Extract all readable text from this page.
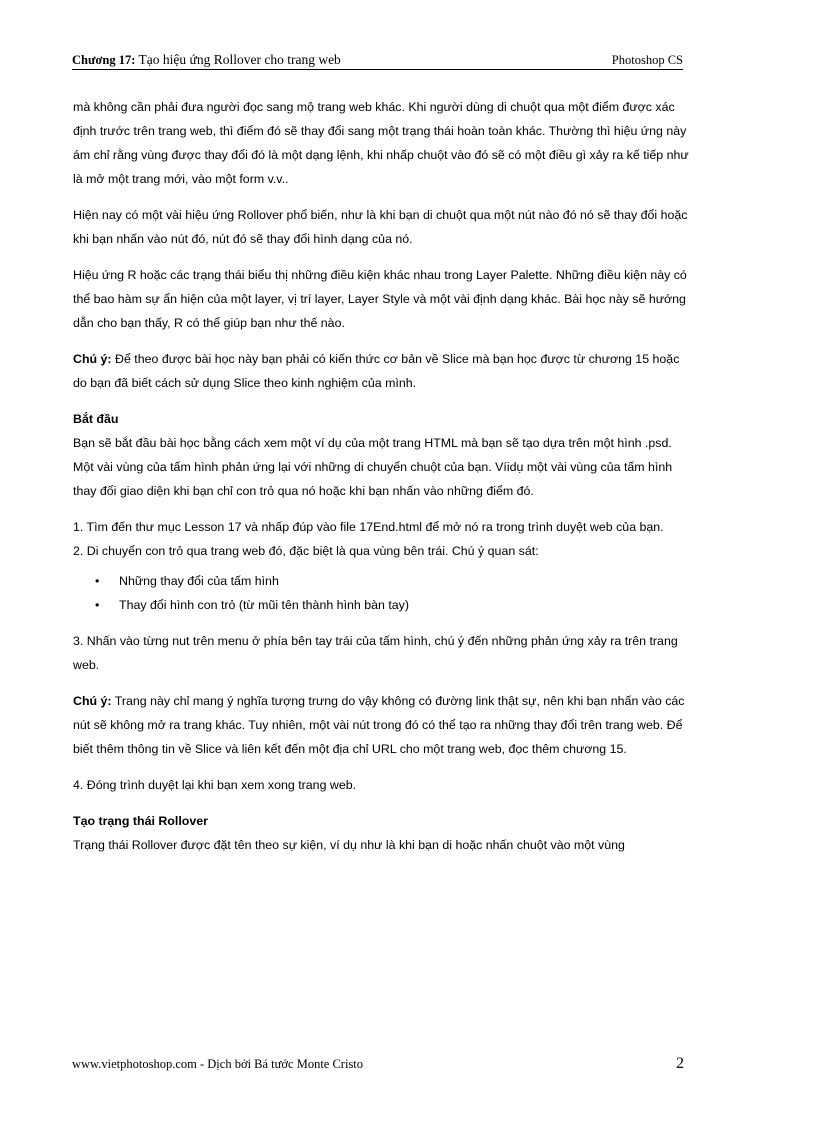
Chương 17: Tạo hiệu ứng Rollover cho trang web	Photoshop CS

mà không cần phải đưa người đọc sang mộ trang web khác. Khi người dùng di chuột qua một điểm được xác định trước trên trang web, thì điểm đó sẽ thay đổi sang một trạng thái hoàn toàn khác. Thường thì hiệu ứng này ám chỉ rằng vùng được thay đổi đó là một dạng lệnh, khi nhấp chuột vào đó sẽ có một điều gì xảy ra kế tiếp như là mở một trang mới, vào một form v.v..

Hiện nay có một vài hiệu ứng Rollover phổ biến, như là khi bạn di chuột qua một nút nào đó nó sẽ thay đổi hoặc khi bạn nhấn vào nút đó, nút đó sẽ thay đổi hình dạng của nó.

Hiệu ứng R hoặc các trạng thái biểu thị những điều kiện khác nhau trong Layer Palette. Những điều kiện này có thể bao hàm sự ẩn hiện của một layer, vị trí layer, Layer Style và một vài định dạng khác. Bài học này sẽ hướng dẫn cho bạn thấy, R có thể giúp bạn như thế nào.

Chú ý: Để theo được bài học này bạn phải có kiến thức cơ bản về Slice mà bạn học được từ chương 15 hoặc do bạn đã biết cách sử dụng Slice theo kinh nghiệm của mình.

Bắt đầu

Bạn sẽ bắt đầu bài học bằng cách xem một ví dụ của một trang HTML mà bạn sẽ tạo dựa trên một hình .psd. Một vài vùng của tấm hình phản ứng lại với những di chuyển chuột của bạn. Víidụ một vài vùng của tấm hình thay đổi giao diện khi bạn chỉ con trỏ qua nó hoặc khi bạn nhấn vào những điểm đó.

1. Tìm đến thư mục Lesson 17 và nhấp đúp vào file 17End.html để mở nó ra trong trình duyệt web của bạn.

2. Di chuyển con trỏ qua trang web đó, đặc biệt là qua vùng bên trái. Chú ý quan sát:

• Những thay đổi của tấm hình
• Thay đổi hình con trỏ (từ mũi tên thành hình bàn tay)

3. Nhấn vào từng nut trên menu ở phía bên tay trái của tấm hình, chú ý đến những phản ứng xảy ra trên trang web.

Chú ý: Trang này chỉ mang ý nghĩa tượng trưng do vậy không có đường link thật sự, nên khi bạn nhấn vào các nút sẽ không mở ra trang khác. Tuy nhiên, một vài nút trong đó có thể tạo ra những thay đổi trên trang web. Để biết thêm thông tin về Slice và liên kết đến một địa chỉ URL cho một trang web, đọc thêm chương 15.

4. Đóng trình duyệt lại khi bạn xem xong trang web.

Tạo trạng thái Rollover

Trạng thái Rollover được đặt tên theo sự kiện, ví dụ như là khi bạn di hoặc nhấn chuột vào một vùng

www.vietphotoshop.com - Dịch bởi Bá tước Monte Cristo	2
